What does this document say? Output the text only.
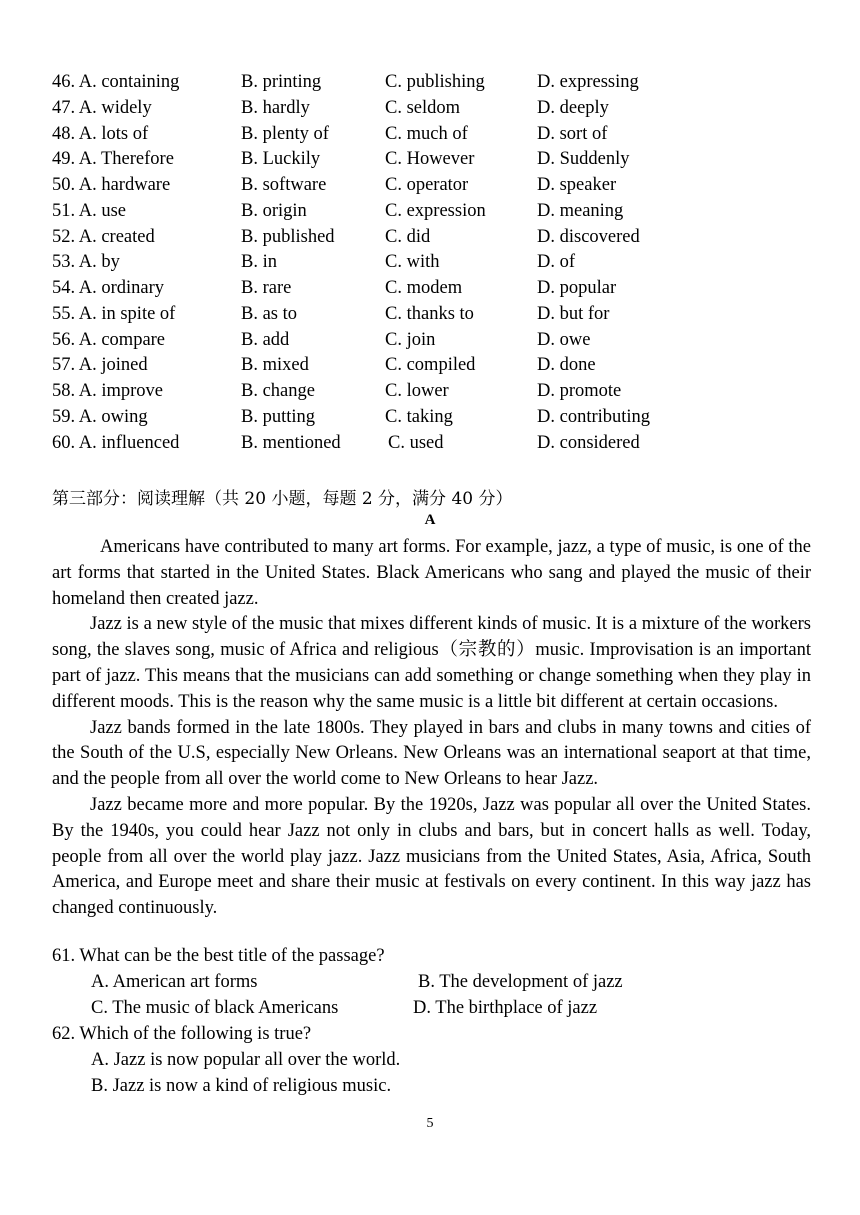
46. A. containing	B. printing	C. publishing	D. expressing
47. A. widely	B. hardly	C. seldom	D. deeply
48. A. lots of	B. plenty of	C. much of	D. sort of
49. A. Therefore	B. Luckily	C. However	D. Suddenly
50. A. hardware	B. software	C. operator	D. speaker
51. A. use	B. origin	C. expression	D. meaning
52. A. created	B. published	C. did	D. discovered
53. A. by	B. in	C. with	D. of
54. A. ordinary	B. rare	C. modem	D. popular
55. A. in spite of	B. as to	C. thanks to	D. but for
56. A. compare	B. add	C. join	D. owe
57. A. joined	B. mixed	C. compiled	D. done
58. A. improve	B. change	C. lower	D. promote
59. A. owing	B. putting	C. taking	D. contributing
60. A. influenced	B. mentioned	C. used	D. considered
第三部分：阅读理解（共 20 小题，每题 2 分，满分 40 分）
A

Americans have contributed to many art forms. For example, jazz, a type of music, is one of the art forms that started in the United States. Black Americans who sang and played the music of their homeland then created jazz.

Jazz is a new style of the music that mixes different kinds of music. It is a mixture of the workers song, the slaves song, music of Africa and religious（宗教的）music. Improvisation is an important part of jazz. This means that the musicians can add something or change something when they play in different moods. This is the reason why the same music is a little bit different at certain occasions.

Jazz bands formed in the late 1800s. They played in bars and clubs in many towns and cities of the South of the U.S, especially New Orleans. New Orleans was an international seaport at that time, and the people from all over the world come to New Orleans to hear Jazz.

Jazz became more and more popular. By the 1920s, Jazz was popular all over the United States. By the 1940s, you could hear Jazz not only in clubs and bars, but in concert halls as well. Today, people from all over the world play jazz. Jazz musicians from the United States, Asia, Africa, South America, and Europe meet and share their music at festivals on every continent. In this way jazz has changed continuously.

61. What can be the best title of the passage?
A. American art forms	B. The development of jazz
C. The music of black Americans	D. The birthplace of jazz
62. Which of the following is true?
A. Jazz is now popular all over the world.
B. Jazz is now a kind of religious music.
5
